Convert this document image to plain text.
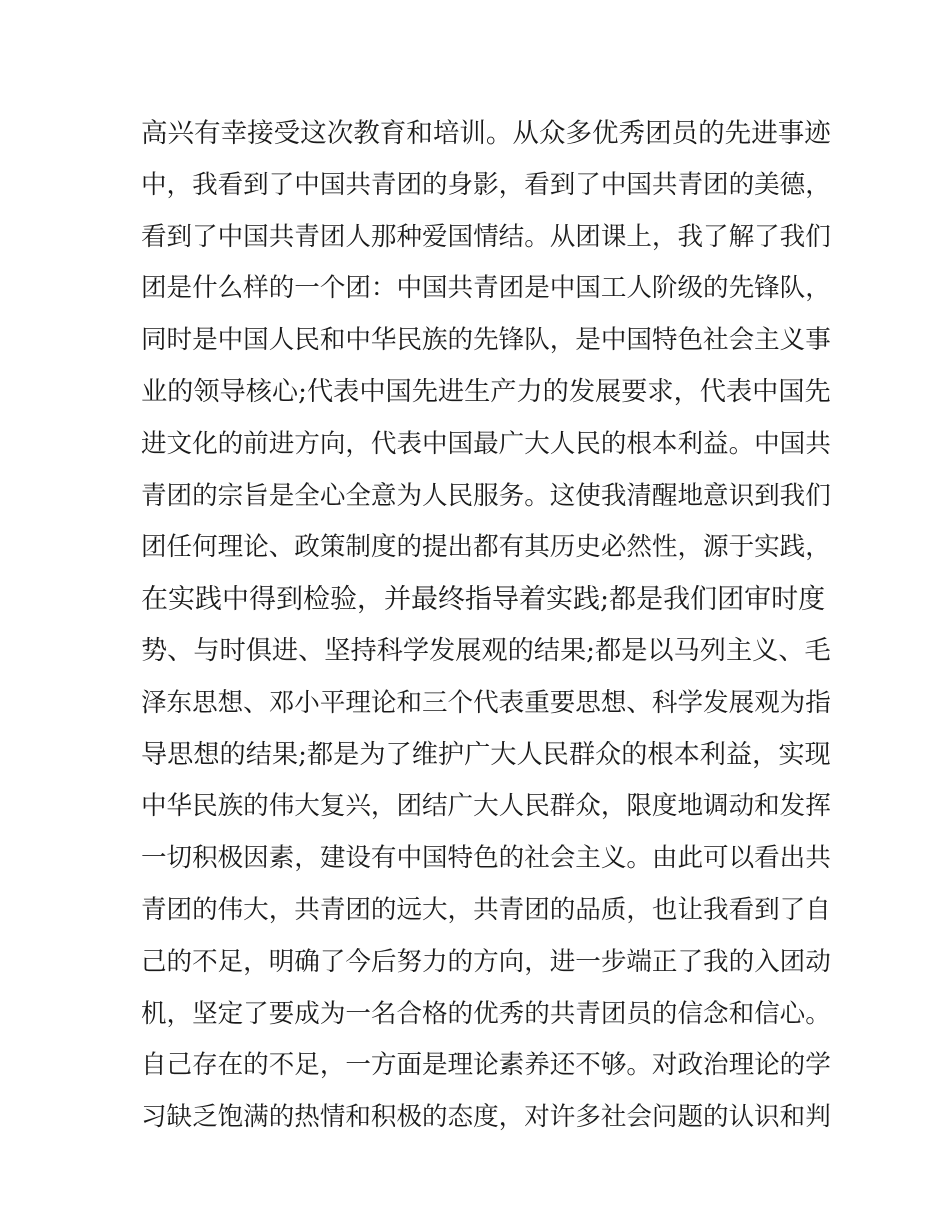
高兴有幸接受这次教育和培训。从众多优秀团员的先进事迹
中，我看到了中国共青团的身影，看到了中国共青团的美德，
看到了中国共青团人那种爱国情结。从团课上，我了解了我们
团是什么样的一个团：中国共青团是中国工人阶级的先锋队，
同时是中国人民和中华民族的先锋队，是中国特色社会主义事
业的领导核心;代表中国先进生产力的发展要求，代表中国先
进文化的前进方向，代表中国最广大人民的根本利益。中国共
青团的宗旨是全心全意为人民服务。这使我清醒地意识到我们
团任何理论、政策制度的提出都有其历史必然性，源于实践，
在实践中得到检验，并最终指导着实践;都是我们团审时度
势、与时俱进、坚持科学发展观的结果;都是以马列主义、毛
泽东思想、邓小平理论和三个代表重要思想、科学发展观为指
导思想的结果;都是为了维护广大人民群众的根本利益，实现
中华民族的伟大复兴，团结广大人民群众，限度地调动和发挥
一切积极因素，建设有中国特色的社会主义。由此可以看出共
青团的伟大，共青团的远大，共青团的品质，也让我看到了自
己的不足，明确了今后努力的方向，进一步端正了我的入团动
机，坚定了要成为一名合格的优秀的共青团员的信念和信心。
自己存在的不足，一方面是理论素养还不够。对政治理论的学
习缺乏饱满的热情和积极的态度，对许多社会问题的认识和判
